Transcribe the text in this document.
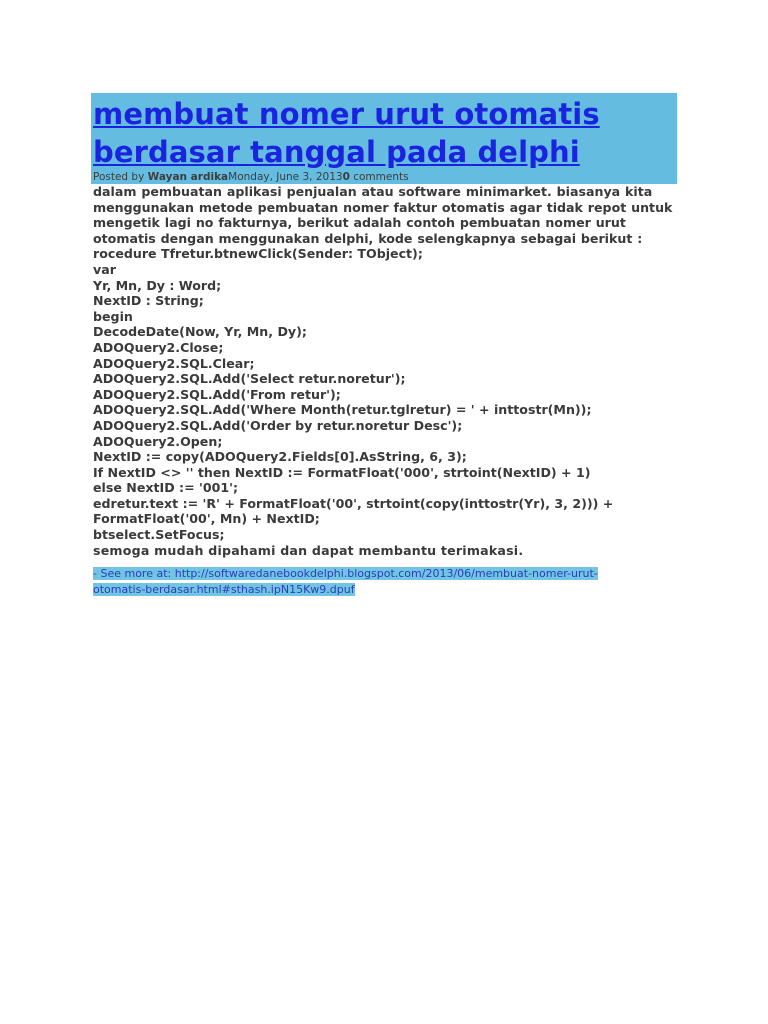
membuat nomer urut otomatis berdasar tanggal pada delphi
Posted by Wayan ardikaMonday, June 3, 20130 comments

dalam pembuatan aplikasi penjualan atau software minimarket. biasanya kita menggunakan metode pembuatan nomer faktur otomatis agar tidak repot untuk mengetik lagi no fakturnya, berikut adalah contoh pembuatan nomer urut otomatis dengan menggunakan delphi, kode selengkapnya sebagai berikut :

rocedure Tfretur.btnewClick(Sender: TObject);

var

Yr, Mn, Dy : Word;

NextID : String;

begin

DecodeDate(Now, Yr, Mn, Dy);

ADOQuery2.Close;

ADOQuery2.SQL.Clear;

ADOQuery2.SQL.Add('Select retur.noretur');

ADOQuery2.SQL.Add('From retur');

ADOQuery2.SQL.Add('Where Month(retur.tglretur) = ' + inttostr(Mn));

ADOQuery2.SQL.Add('Order by retur.noretur Desc');

ADOQuery2.Open;

NextID := copy(ADOQuery2.Fields[0].AsString, 6, 3);

If NextID <> '' then NextID := FormatFloat('000', strtoint(NextID) + 1)

else NextID := '001';

edretur.text := 'R' + FormatFloat('00', strtoint(copy(inttostr(Yr), 3, 2))) +

FormatFloat('00', Mn) + NextID;

btselect.SetFocus;

semoga mudah dipahami dan dapat membantu terimakasi.

- See more at: http://softwaredanebookdelphi.blogspot.com/2013/06/membuat-nomer-urut-
otomatis-berdasar.html#sthash.ipN15Kw9.dpuf
